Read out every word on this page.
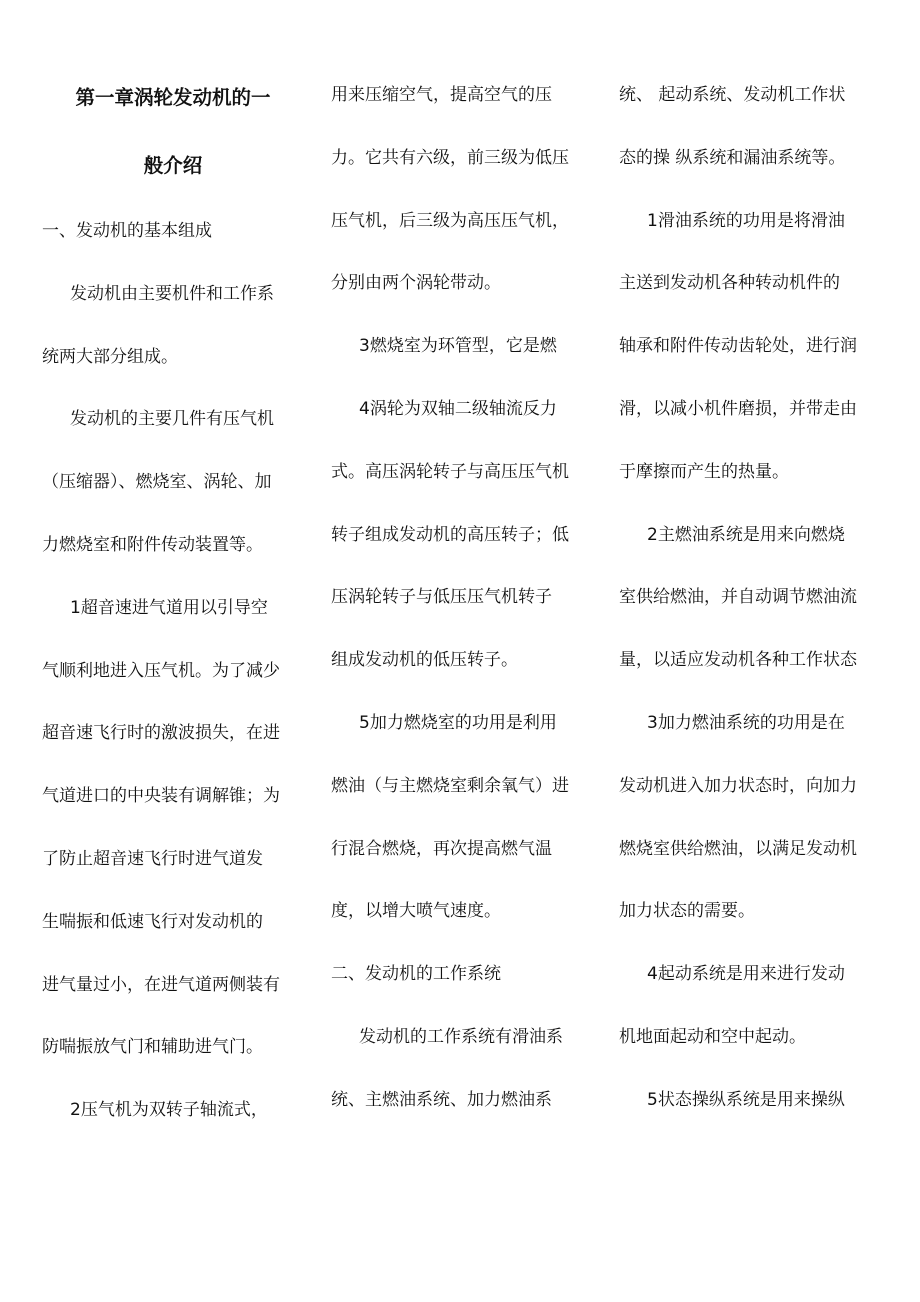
第一章涡轮发动机的一
般介绍
一、发动机的基本组成
发动机由主要机件和工作系
统两大部分组成。
发动机的主要几件有压气机
（压缩器）、燃烧室、涡轮、加
力燃烧室和附件传动装置等。
1超音速进气道用以引导空
气顺利地进入压气机。为了减少
超音速飞行时的激波损失，在进
气道进口的中央装有调解锥；为
了防止超音速飞行时进气道发
生喘振和低速飞行对发动机的
进气量过小，在进气道两侧装有
防喘振放气门和辅助进气门。
2压气机为双转子轴流式，
用来压缩空气，提高空气的压
力。它共有六级，前三级为低压
压气机，后三级为高压压气机，
分别由两个涡轮带动。
3燃烧室为环管型，它是燃
4涡轮为双轴二级轴流反力
式。高压涡轮转子与高压压气机
转子组成发动机的高压转子；低
压涡轮转子与低压压气机转子
组成发动机的低压转子。
5加力燃烧室的功用是利用
燃油（与主燃烧室剩余氧气）进
行混合燃烧，再次提高燃气温
度，以增大喷气速度。
二、发动机的工作系统
发动机的工作系统有滑油系
统、主燃油系统、加力燃油系
统、 起动系统、发动机工作状
态的操 纵系统和漏油系统等。
1滑油系统的功用是将滑油
主送到发动机各种转动机件的
轴承和附件传动齿轮处，进行润
滑，以减小机件磨损，并带走由
于摩擦而产生的热量。
2主燃油系统是用来向燃烧
室供给燃油，并自动调节燃油流
量，以适应发动机各种工作状态
3加力燃油系统的功用是在
发动机进入加力状态时，向加力
燃烧室供给燃油，以满足发动机
加力状态的需要。
4起动系统是用来进行发动
机地面起动和空中起动。
5状态操纵系统是用来操纵
